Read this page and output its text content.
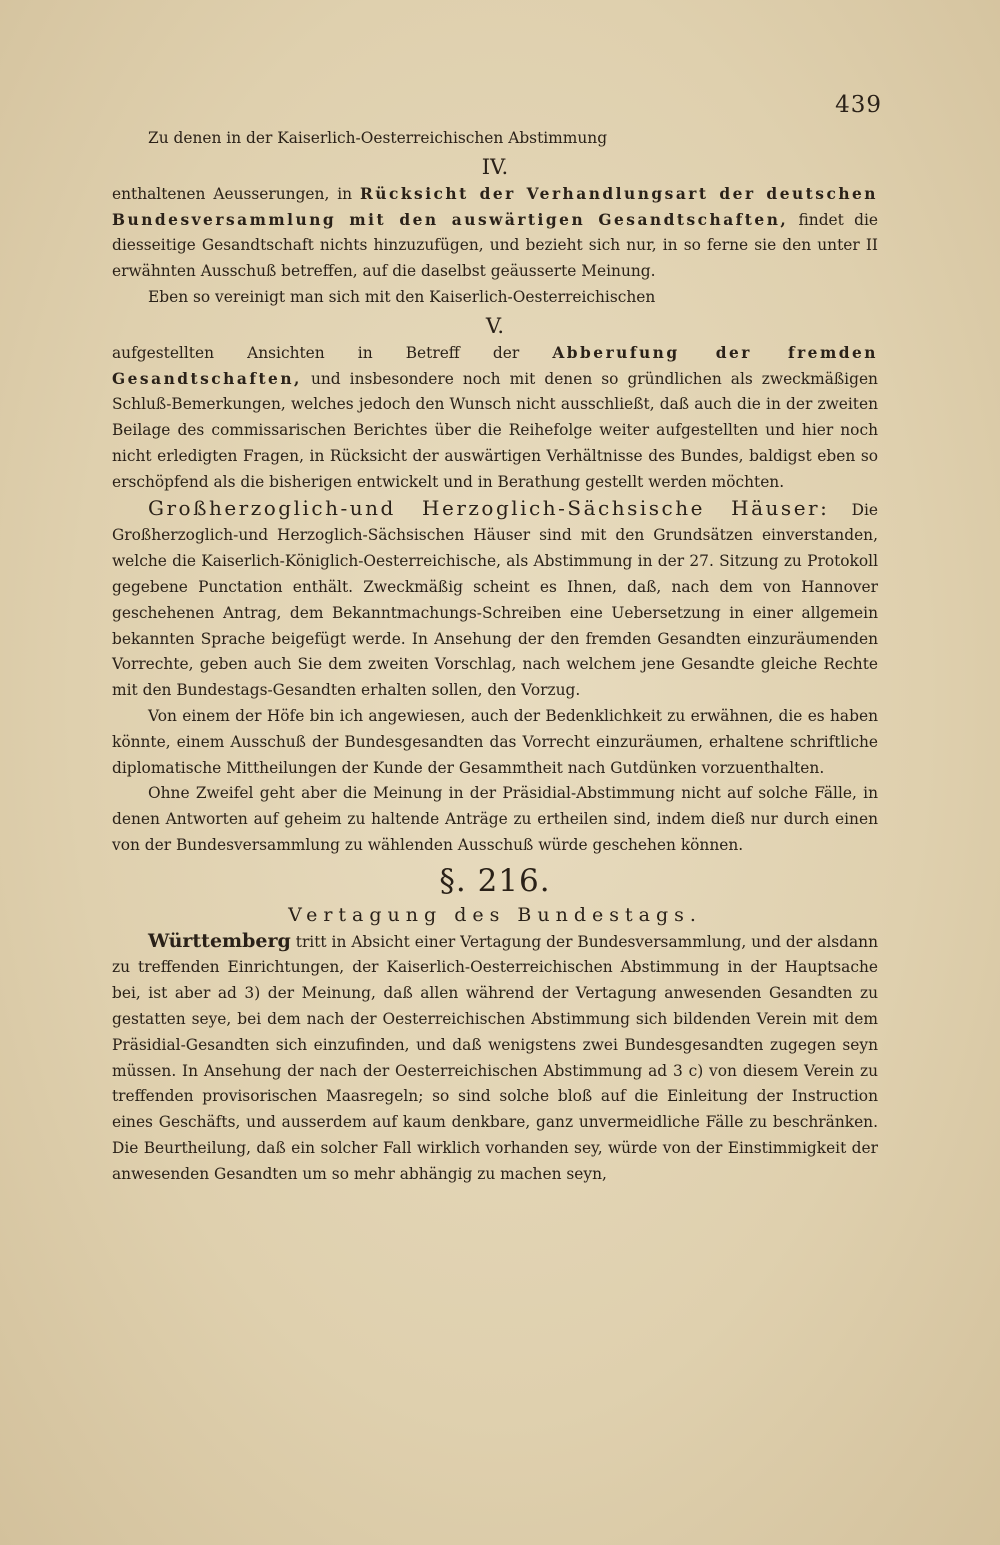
439

Zu denen in der Kaiserlich-Oesterreichischen Abstimmung

IV.

enthaltenen Aeusserungen, in Rücksicht der Verhandlungsart der deutschen Bundesversammlung mit den auswärtigen Gesandtschaften, findet die diesseitige Gesandtschaft nichts hinzuzufügen, und bezieht sich nur, in so ferne sie den unter II erwähnten Ausschuß betreffen, auf die daselbst geäusserte Meinung.

Eben so vereinigt man sich mit den Kaiserlich-Oesterreichischen

V.

aufgestellten Ansichten in Betreff der Abberufung der fremden Gesandtschaften, und insbesondere noch mit denen so gründlichen als zweckmäßigen Schluß-Bemerkungen, welches jedoch den Wunsch nicht ausschließt, daß auch die in der zweiten Beilage des commissarischen Berichtes über die Reihefolge weiter aufgestellten und hier noch nicht erledigten Fragen, in Rücksicht der auswärtigen Verhältnisse des Bundes, baldigst eben so erschöpfend als die bisherigen entwickelt und in Berathung gestellt werden möchten.

Großherzoglich-und Herzoglich-Sächsische Häuser: Die Großherzoglich-und Herzoglich-Sächsischen Häuser sind mit den Grundsätzen einverstanden, welche die Kaiserlich-Königlich-Oesterreichische, als Abstimmung in der 27. Sitzung zu Protokoll gegebene Punctation enthält. Zweckmäßig scheint es Ihnen, daß, nach dem von Hannover geschehenen Antrag, dem Bekanntmachungs-Schreiben eine Uebersetzung in einer allgemein bekannten Sprache beigefügt werde. In Ansehung der den fremden Gesandten einzuräumenden Vorrechte, geben auch Sie dem zweiten Vorschlag, nach welchem jene Gesandte gleiche Rechte mit den Bundestags-Gesandten erhalten sollen, den Vorzug.

Von einem der Höfe bin ich angewiesen, auch der Bedenklichkeit zu erwähnen, die es haben könnte, einem Ausschuß der Bundesgesandten das Vorrecht einzuräumen, erhaltene schriftliche diplomatische Mittheilungen der Kunde der Gesammtheit nach Gutdünken vorzuenthalten.

Ohne Zweifel geht aber die Meinung in der Präsidial-Abstimmung nicht auf solche Fälle, in denen Antworten auf geheim zu haltende Anträge zu ertheilen sind, indem dieß nur durch einen von der Bundesversammlung zu wählenden Ausschuß würde geschehen können.

§. 216.

Vertagung des Bundestags.

Württemberg tritt in Absicht einer Vertagung der Bundesversammlung, und der alsdann zu treffenden Einrichtungen, der Kaiserlich-Oesterreichischen Abstimmung in der Hauptsache bei, ist aber ad 3) der Meinung, daß allen während der Vertagung anwesenden Gesandten zu gestatten seye, bei dem nach der Oesterreichischen Abstimmung sich bildenden Verein mit dem Präsidial-Gesandten sich einzufinden, und daß wenigstens zwei Bundesgesandten zugegen seyn müssen. In Ansehung der nach der Oesterreichischen Abstimmung ad 3 c) von diesem Verein zu treffenden provisorischen Maasregeln; so sind solche bloß auf die Einleitung der Instruction eines Geschäfts, und ausserdem auf kaum denkbare, ganz unvermeidliche Fälle zu beschränken. Die Beurtheilung, daß ein solcher Fall wirklich vorhanden sey, würde von der Einstimmigkeit der anwesenden Gesandten um so mehr abhängig zu machen seyn,
